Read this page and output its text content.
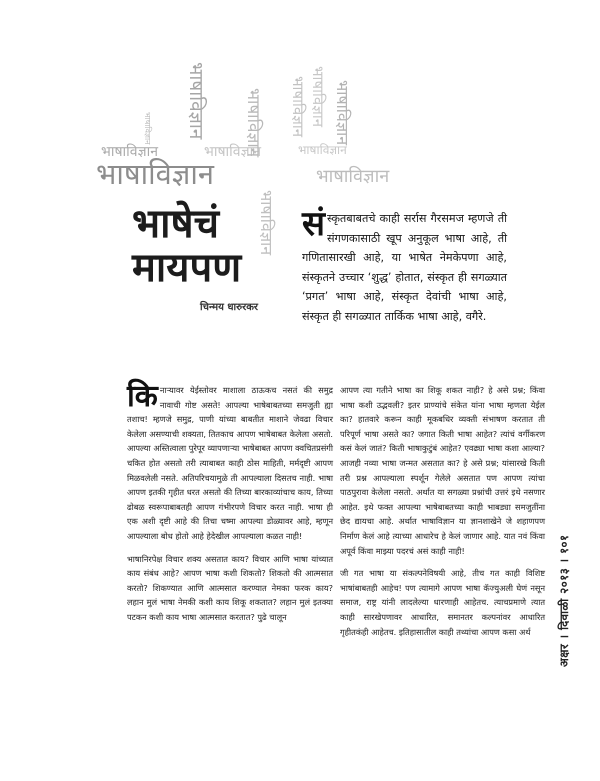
भाषाविज्ञान
भाषाविज्ञान	भाषाविज्ञान
भाषाविज्ञान
भाषाविज्ञान
भाषाविज्ञान भाषाविज्ञान भाषाविज्ञान भाषाविज्ञान भाषाविज्ञान
भाषाविज्ञान
भाषाविज्ञान
भाषेचं
मायपण
चिन्मय धारुरकर
सं स्कृतबाबतचे काही सर्रास गैरसमज म्हणजे ती संगणकासाठी खूप अनुकूल भाषा आहे, ती गणितासारखी आहे, या भाषेत नेमकेपणा आहे, संस्कृतने उच्चार ‘शुद्ध’ होतात, संस्कृत ही सगळ्यात ‘प्रगत’ भाषा आहे, संस्कृत देवांची भाषा आहे, संस्कृत ही सगळ्यात तार्किक भाषा आहे, वगैरे.

किनाऱ्यावर येईस्तोवर माशाला ठाऊकच नसतं की समुद्र नावाची गोष्ट असते! आपल्या भाषेबाबतच्या समजुती ह्या तशाच! म्हणजे समुद्र, पाणी यांच्या बाबतीत माशाने जेवढा विचार केलेला असण्याची शक्यता, तितकाच आपण भाषेबाबत केलेला असतो. आपल्या अस्तित्वाला पुरेपूर व्यापणाऱ्या भाषेबाबत आपण क्वचितप्रसंगी चकित होत असतो तरी त्याबाबत काही ठोस माहिती, मर्मदृष्टी आपण मिळवलेली नसते. अतिपरिचयामुळे ती आपल्याला दिसतच नाही. भाषा आपण इतकी गृहीत धरत असतो की तिच्या बारकाव्यांचाच काय, तिच्या ढोबळ स्वरूपाबाबतही आपण गंभीरपणे विचार करत नाही. भाषा ही एक अशी दृष्टी आहे की तिचा चष्मा आपल्या डोळ्यावर आहे, म्हणून आपल्याला बोध होतो आहे हेदेखील आपल्याला कळत नाही!

भाषानिरपेक्ष विचार शक्य असतात काय? विचार आणि भाषा यांच्यात काय संबंध आहे? आपण भाषा कशी शिकतो? शिकतो की आत्मसात करतो? शिकण्यात आणि आत्मसात करण्यात नेमका फरक काय? लहान मुलं भाषा नेमकी कशी काय शिकू शकतात? लहान मुलं इतक्या पटकन कशी काय भाषा आत्मसात करतात? पुढे चालून

आपण त्या गतीने भाषा का शिकू शकत नाही? हे असे प्रश्न; किंवा भाषा कशी उद्भवली? इतर प्राण्यांचे संकेत यांना भाषा म्हणता येईल का? हातवारे करून काही मूकबधिर व्यक्ती संभाषण करतात ती परिपूर्ण भाषा असते का? जगात किती भाषा आहेत? त्यांचं वर्गीकरण कसं केलं जातं? किती भाषाकुटुंबं आहेत? एवढ्या भाषा कशा आल्या? आजही नव्या भाषा जन्मत असतात का? हे असे प्रश्न; यांसारखे किती तरी प्रश्न आपल्याला स्पर्शून गेलेले असतात पण आपण त्यांचा पाठपुरावा केलेला नसतो. अर्थात या सगळ्या प्रश्नांची उत्तरं इथे नसणार आहेत. इथे फक्त आपल्या भाषेबाबतच्या काही भाबड्या समजुतींना छेद द्यायचा आहे. अर्थात भाषाविज्ञान या ज्ञानशाखेने जे शहाणपण निर्माण केलं आहे त्याच्या आधारेच हे केलं जाणार आहे. यात नवं किंवा अपूर्व किंवा माझ्या पदरचं असं काही नाही!

जी गत भाषा या संकल्पनेविषयी आहे, तीच गत काही विशिष्ट भाषांबाबतही आहेच! पण त्यामागे आपण भाषा कॅज्युअली घेणं नसून समाज, राष्ट्र यांनी लादलेल्या धारणाही आहेतच. त्याचप्रमाणे त्यात काही सारखेपणावर आधारित, समानतर कल्पनांवर आधारित गृहीतकंही आहेतच. इतिहासातील काही तथ्यांचा आपण कसा अर्थ	अक्षर । दिवाळी २०१३ । १०१
